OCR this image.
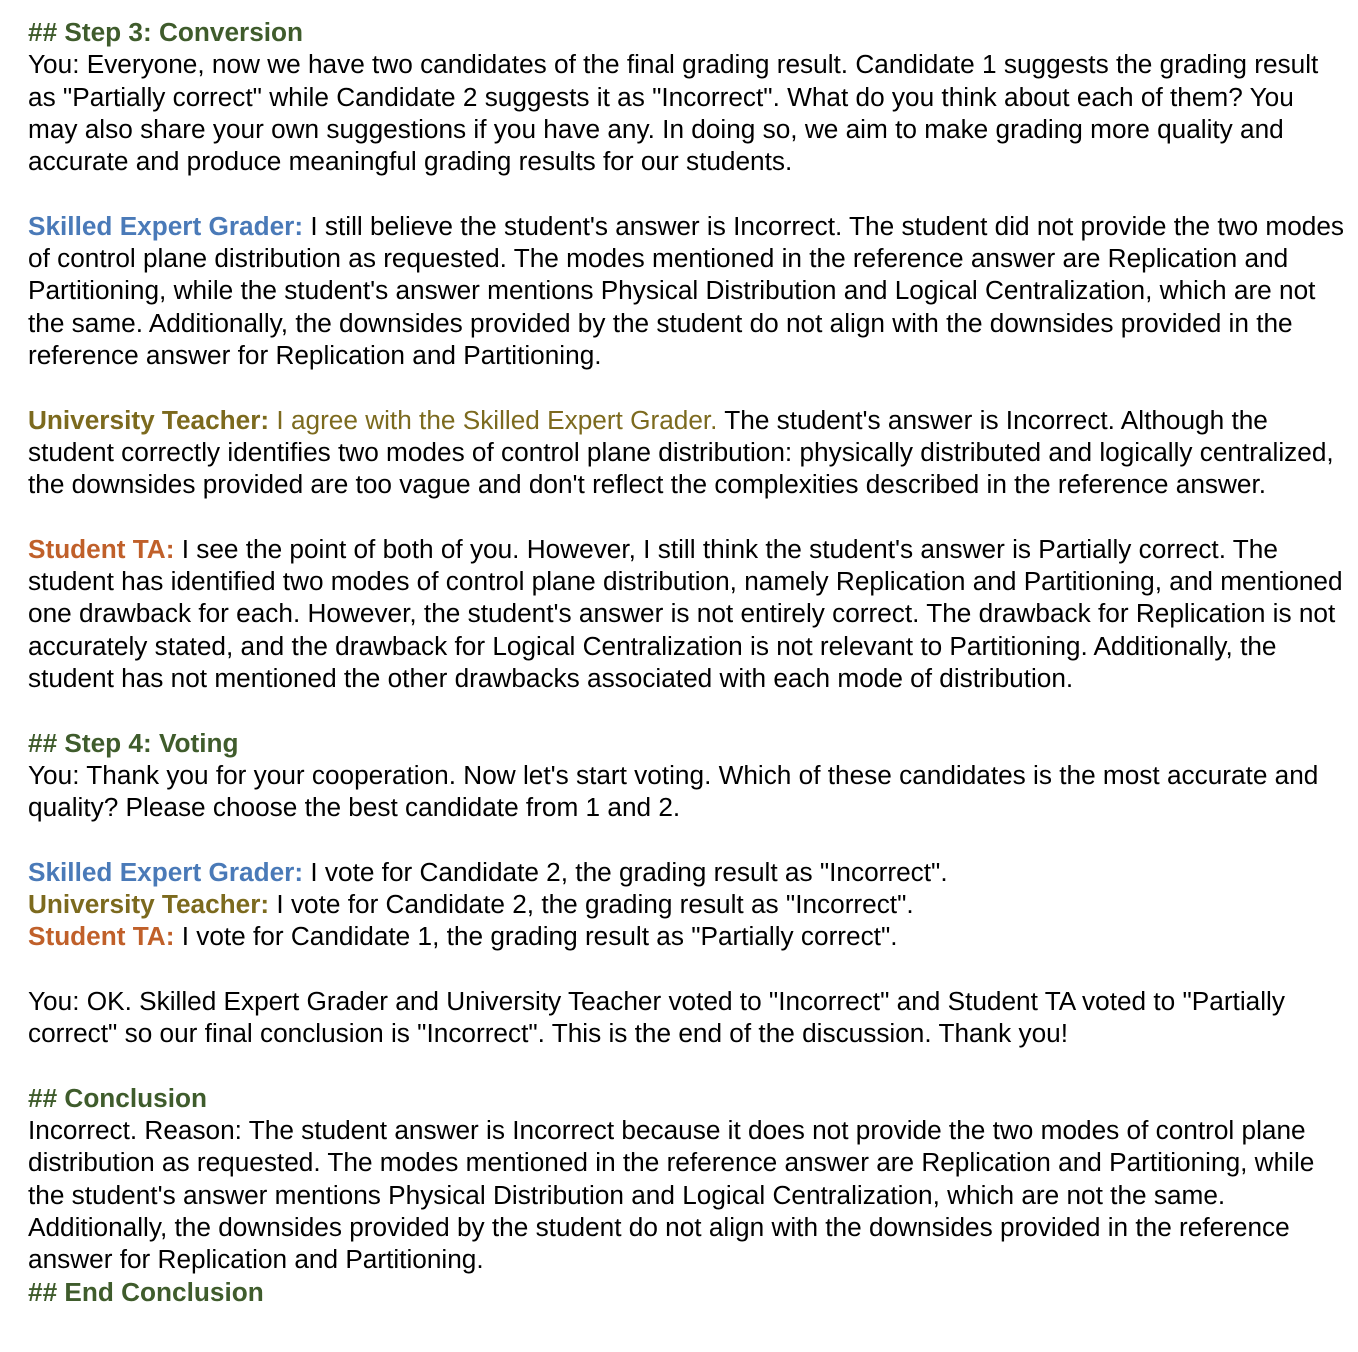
## Step 3: Conversion

You: Everyone, now we have two candidates of the final grading result. Candidate 1 suggests the grading result as "Partially correct" while Candidate 2 suggests it as "Incorrect". What do you think about each of them? You may also share your own suggestions if you have any. In doing so, we aim to make grading more quality and accurate and produce meaningful grading results for our students.

Skilled Expert Grader: I still believe the student's answer is Incorrect. The student did not provide the two modes of control plane distribution as requested. The modes mentioned in the reference answer are Replication and Partitioning, while the student's answer mentions Physical Distribution and Logical Centralization, which are not the same. Additionally, the downsides provided by the student do not align with the downsides provided in the reference answer for Replication and Partitioning.

University Teacher: I agree with the Skilled Expert Grader. The student's answer is Incorrect. Although the student correctly identifies two modes of control plane distribution: physically distributed and logically centralized, the downsides provided are too vague and don't reflect the complexities described in the reference answer.

Student TA: I see the point of both of you. However, I still think the student's answer is Partially correct. The student has identified two modes of control plane distribution, namely Replication and Partitioning, and mentioned one drawback for each. However, the student's answer is not entirely correct. The drawback for Replication is not accurately stated, and the drawback for Logical Centralization is not relevant to Partitioning. Additionally, the student has not mentioned the other drawbacks associated with each mode of distribution.

## Step 4: Voting

You: Thank you for your cooperation. Now let's start voting. Which of these candidates is the most accurate and quality? Please choose the best candidate from 1 and 2.

Skilled Expert Grader: I vote for Candidate 2, the grading result as "Incorrect".

University Teacher: I vote for Candidate 2, the grading result as "Incorrect".

Student TA: I vote for Candidate 1, the grading result as "Partially correct".

You: OK. Skilled Expert Grader and University Teacher voted to "Incorrect" and Student TA voted to "Partially correct" so our final conclusion is "Incorrect". This is the end of the discussion. Thank you!

## Conclusion

Incorrect. Reason: The student answer is Incorrect because it does not provide the two modes of control plane distribution as requested. The modes mentioned in the reference answer are Replication and Partitioning, while the student's answer mentions Physical Distribution and Logical Centralization, which are not the same. Additionally, the downsides provided by the student do not align with the downsides provided in the reference answer for Replication and Partitioning.

## End Conclusion
